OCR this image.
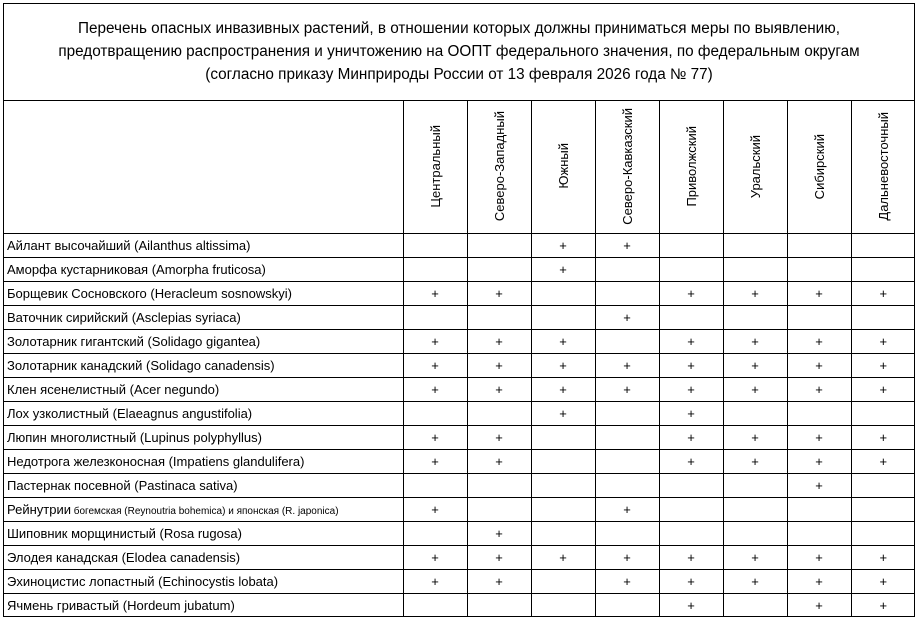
Перечень опасных инвазивных растений, в отношении которых должны приниматься меры по выявлению,
предотвращению распространения и уничтожению на ООПТ федерального значения, по федеральным округам
(согласно приказу Минприроды России от 13 февраля 2026 года № 77)

	Центральный	Северо-Западный	Южный	Северо-Кавказский	Приволжский	Уральский	Сибирский	Дальневосточный

Айлант высочайший (Ailanthus altissima)			+	+				
Аморфа кустарниковая (Amorpha fruticosa)			+					
Борщевик Сосновского (Heracleum sosnowskyi)	+	+			+	+	+	+
Ваточник сирийский (Asclepias syriaca)				+				
Золотарник гигантский (Solidago gigantea)	+	+	+		+	+	+	+
Золотарник канадский (Solidago canadensis)	+	+	+	+	+	+	+	+
Клен ясенелистный (Acer negundo)	+	+	+	+	+	+	+	+
Лох узколистный (Elaeagnus angustifolia)			+		+			
Люпин многолистный (Lupinus polyphyllus)	+	+			+	+	+	+
Недотрога железконосная (Impatiens glandulifera)	+	+			+	+	+	+
Пастернак посевной (Pastinaca sativa)							+	
Рейнутрии богемская (Reynoutria bohemica) и японская (R. japonica)	+			+				
Шиповник морщинистый (Rosa rugosa)		+						
Элодея канадская (Elodea canadensis)	+	+	+	+	+	+	+	+
Эхиноцистис лопастный (Echinocystis lobata)	+	+		+	+	+	+	+
Ячмень гривастый (Hordeum jubatum)					+		+	+
